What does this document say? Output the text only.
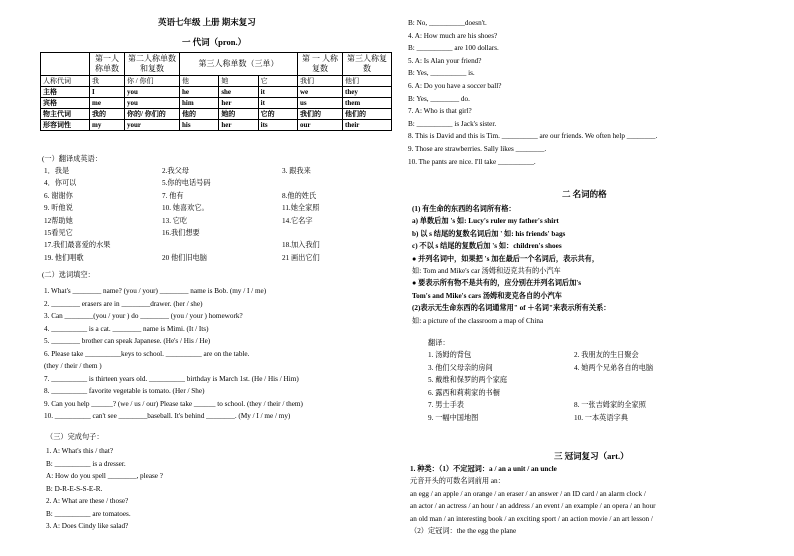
英语七年级 上册 期末复习
一 代词（pron.）
	第一人称单数	第二人称单数和复数	第三人称单数（三单）			第 一 人称复数	第三人称复数
人称代词	我	你 / 你们	他	她	它	我们	他们
主格	I	you	he	she	it	we	they
宾格	me	you	him	her	it	us	them
物主代词	我的	你的/ 你们的	他的	她的	它的	我们的	他们的
形容词性	my	your	his	her	its	our	their
(一）翻译成英语：
1．我是	2.我父母	3. 跟我来
4．你可以	5.你的电话号码
6. 谢谢你	7. 他有	8.他的姓氏
9. 听他说	10. 她喜欢它。	11.她全家照
12帮助她	13. 它吃	14.它名字
15看见它	16.我们想要
17.我们最喜爱的水果	18.加入我们
19. 他们唱歌	20 他们旧电脑	21 画出它们
(二）选词填空：
1. What's ________ name? (you / your) ________ name is Bob. (my / I / me)
2. ________ erasers are in ________drawer. (her / she)
3. Can ________(you / your ) do ________ (you / your ) homework?
4. __________ is a cat. ________ name is Mimi. (It / Its)
5. ________ brother can speak Japanese. (He's / His / He)
6. Please take __________keys to school. __________ are on the table.
(they / their / them )
7. __________ is thirteen years old. __________ birthday is March 1st. (He / His / Him)
8. __________ favorite vegetable is tomato. (Her / She)
9. Can you help ______? (we / us / our) Please take ______ to school. (they / their / them)
10. __________ can't see ________baseball. It's behind ________. (My / I / me / my)
（三）完成句子：
1. A: What's this / that?
B: __________ is a dresser.
A: How do you spell ________, please ?
B: D-R-E-S-S-E-R.
2. A: What are these / those?
B: __________ are tomatoes.
3. A: Does Cindy like salad?
B: No, __________doesn't.
4. A: How much are his shoes?
B: __________ are 100 dollars.
5. A: Is Alan your friend?
B: Yes, __________ is.
6. A: Do you have a soccer ball?
B: Yes, ________ do.
7. A: Who is that girl?
B: __________ is Jack's sister.
8. This is David and this is Tim. __________ are our friends. We often help ________.
9. Those are strawberries. Sally likes ________.
10. The pants are nice. I'll take __________.
二 名词的格
(1) 有生命的东西的名词所有格：
a) 单数后加 's 如: Lucy's ruler my father's shirt
b) 以 s 结尾的复数名词后加 ' 如: his friends' bags
c) 不以 s 结尾的复数后加 's 如：children's shoes
● 并列名词中，如果把 's 加在最后一个名词后，表示共有，
如: Tom and Mike's car 汤姆和迈克共有的小汽车
● 要表示所有物不是共有的，应分别在并列名词后加's
Tom's and Mike's cars 汤姆和麦克各自的小汽车
(2)表示无生命东西的名词通常用" of ＋名词"来表示所有关系：
如: a picture of the classroom a map of China
翻译：
1. 汤姆的背包	2. 我朋友的生日聚会
3. 他们父母亲的房间	4. 她两个兄弟各自的电脑
5. 戴维和保罗的两个家庭
6. 露西和莉莉家的书橱
7. 男士手表	8. 一张吉姆家的全家照
9. 一幅中国地图	10. 一本英语字典
三 冠词复习（art.）
1. 种类：（1）不定冠词：a / an a unit / an uncle
元音开头的可数名词前用 an：
an egg / an apple / an orange / an eraser / an answer / an ID card / an alarm clock /
an actor / an actress / an hour / an address / an event / an example / an opera / an hour
an old man / an interesting book / an exciting sport / an action movie / an art lesson /
（2）定冠词：the the egg the plane
